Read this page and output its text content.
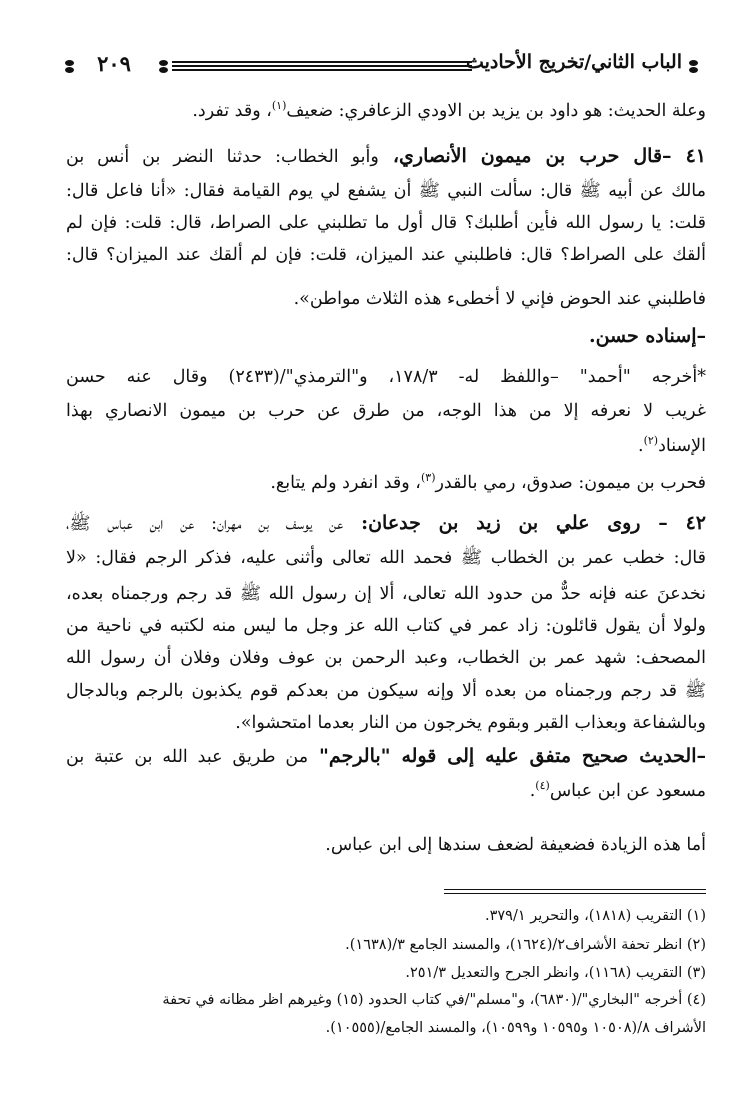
٢٠٩	الباب الثاني/تخريج الأحاديث
وعلة الحديث: هو داود بن يزيد بن الاودي الزعافري: ضعيف$^{(١)}$، وقد تفرد.
٤١ –قال حرب بن ميمون الأنصاري، وأبو الخطاب: حدثنا النضر بن أنس بن
مالك عن أبيه ﷺ قال: سألت النبي ﷺ أن يشفع لي يوم القيامة فقال: «أنا فاعل قال:
قلت: يا رسول الله فأين أطلبك؟ قال أول ما تطلبني على الصراط، قال: قلت: فإن لم
ألقك على الصراط؟ قال: فاطلبني عند الميزان، قلت: فإن لم ألقك عند الميزان؟ قال:
فاطلبني عند الحوض فإني لا أخطىء هذه الثلاث مواطن».
–إسناده حسن.
*أخرجه "أحمد" –واللفظ له- ١٧٨/٣، و"الترمذي"/(٢٤٣٣) وقال عنه حسن
غريب لا نعرفه إلا من هذا الوجه، من طرق عن حرب بن ميمون الانصاري بهذا
الإسناد$^{(٢)}$.
فحرب بن ميمون: صدوق، رمي بالقدر$^{(٣)}$، وقد انفرد ولم يتابع.
٤٢ – روى علي بن زيد بن جدعان: عن يوسف بن مهران: عن ابن عباس ﷺ،
قال: خطب عمر بن الخطاب ﷺ فحمد الله تعالى وأثنى عليه، فذكر الرجم فقال: «لا
نخدعنَ عنه فإنه حدٌّ من حدود الله تعالى، ألا إن رسول الله ﷺ قد رجم ورجمناه بعده،
ولولا أن يقول قائلون: زاد عمر في كتاب الله عز وجل ما ليس منه لكتبه في ناحية من
المصحف: شهد عمر بن الخطاب، وعبد الرحمن بن عوف وفلان وفلان أن رسول الله
ﷺ قد رجم ورجمناه من بعده ألا وإنه سيكون من بعدكم قوم يكذبون بالرجم وبالدجال
وبالشفاعة وبعذاب القبر وبقوم يخرجون من النار بعدما امتحشوا».
–الحديث صحيح متفق عليه إلى قوله "بالرجم" من طريق عبد الله بن عتبة بن
مسعود عن ابن عباس$^{(٤)}$.
أما هذه الزيادة فضعيفة لضعف سندها إلى ابن عباس.
(١) التقريب (١٨١٨)، والتحرير ٣٧٩/١.
(٢) انظر تحفة الأشراف٢/(١٦٢٤)، والمسند الجامع ٣/(١٦٣٨).
(٣) التقريب (١١٦٨)، وانظر الجرح والتعديل ٢٥١/٣.
(٤) أخرجه "البخاري"/(٦٨٣٠)، و"مسلم"/في كتاب الحدود (١٥) وغيرهم اظر مظانه في تحفة
الأشراف ٨/(١٠٥٠٨ و١٠٥٩٥ و١٠٥٩٩)، والمسند الجامع/(١٠٥٥٥).
